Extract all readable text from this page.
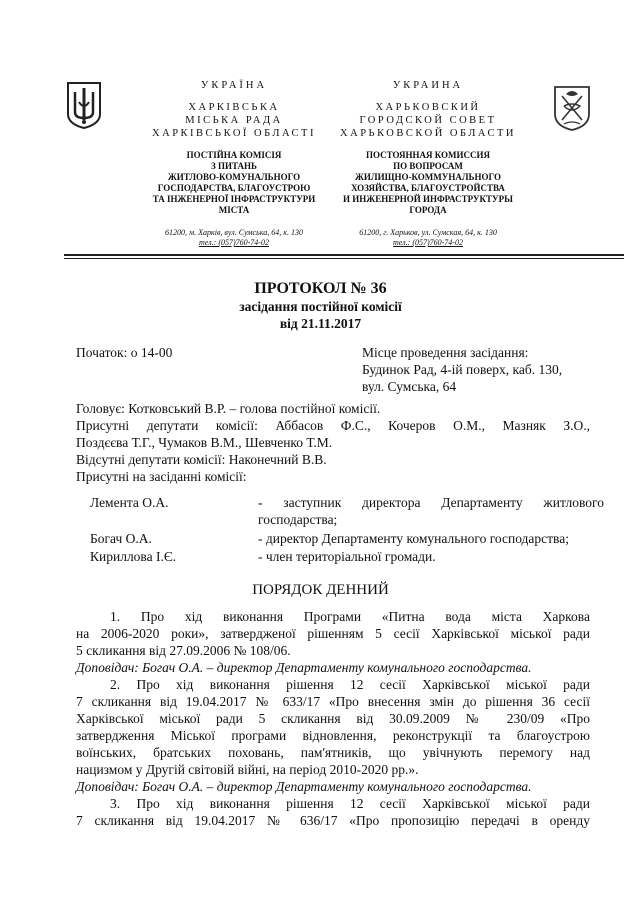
УКРАЇНА
ХАРКІВСЬКА
МІСЬКА РАДА
ХАРКІВСЬКОЇ ОБЛАСТІ
ПОСТІЙНА КОМІСІЯ
З ПИТАНЬ
ЖИТЛОВО-КОМУНАЛЬНОГО
ГОСПОДАРСТВА, БЛАГОУСТРОЮ
ТА ІНЖЕНЕРНОЇ ІНФРАСТРУКТУРИ
МІСТА
61200, м. Харків, вул. Сумська, 64, к. 130
тел.: (057)760-74-02
УКРАИНА
ХАРЬКОВСКИЙ
ГОРОДСКОЙ СОВЕТ
ХАРЬКОВСКОЙ ОБЛАСТИ
ПОСТОЯННАЯ КОМИССИЯ
ПО ВОПРОСАМ
ЖИЛИЩНО-КОММУНАЛЬНОГО
ХОЗЯЙСТВА, БЛАГОУСТРОЙСТВА
И ИНЖЕНЕРНОЙ ИНФРАСТРУКТУРЫ
ГОРОДА
61200, г. Харьков, ул. Сумская, 64, к. 130
тел.: (057)760-74-02
ПРОТОКОЛ № 36
засідання постійної комісії
від 21.11.2017
Початок: о 14-00	Місце проведення засідання:
Будинок Рад, 4-ій поверх, каб. 130,
вул. Сумська, 64
Головує: Котковський В.Р. – голова постійної комісії.
Присутні депутати комісії: Аббасов Ф.С., Кочеров О.М., Мазняк З.О.,
Поздєєва Т.Г., Чумаков В.М., Шевченко Т.М.
Відсутні депутати комісії: Наконечний В.В.
Присутні на засіданні комісії:
Лемента О.А.	- заступник директора Департаменту житлового
господарства;
Богач О.А.	- директор Департаменту комунального господарства;
Кириллова І.Є.	- член територіальної громади.
ПОРЯДОК ДЕННИЙ
1. Про хід виконання Програми «Питна вода міста Харкова
на 2006-2020 роки», затвердженої рішенням 5 сесії Харківської міської ради
5 скликання від 27.09.2006 № 108/06.
Доповідач: Богач О.А. – директор Департаменту комунального господарства.
2. Про хід виконання рішення 12 сесії Харківської міської ради
7 скликання від 19.04.2017 № 633/17 «Про внесення змін до рішення 36 сесії
Харківської міської ради 5 скликання від 30.09.2009 № 230/09 «Про
затвердження Міської програми відновлення, реконструкції та благоустрою
воїнських, братських поховань, пам'ятників, що увічнують перемогу над
нацизмом у Другій світовій війні, на період 2010-2020 рр.».
Доповідач: Богач О.А. – директор Департаменту комунального господарства.
3. Про хід виконання рішення 12 сесії Харківської міської ради
7 скликання від 19.04.2017 № 636/17 «Про пропозицію передачі в оренду
